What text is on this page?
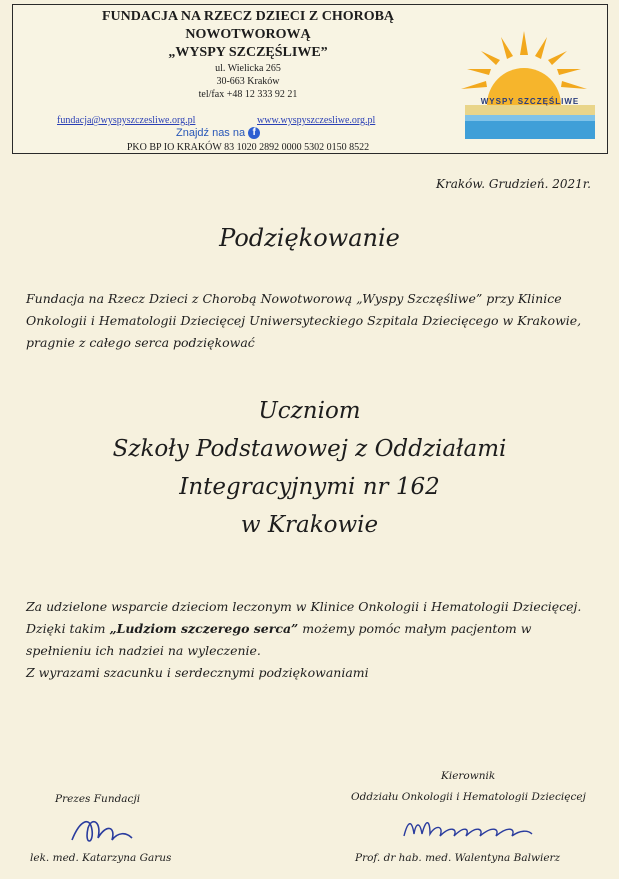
FUNDACJA NA RZECZ DZIECI Z CHOROBĄ
NOWOTWOROWĄ
„WYSPY SZCZĘŚLIWE”
ul. Wielicka 265
30-663 Kraków
tel/fax +48 12 333 92 21
fundacja@wyspyszczesliwe.org.pl	www.wyspyszczesliwe.org.pl
Znajdź nas na f
PKO BP IO KRAKÓW 83 1020 2892 0000 5302 0150 8522
WYSPY SZCZĘŚLIWE
Kraków. Grudzień. 2021r.
Podziękowanie
Fundacja na Rzecz Dzieci z Chorobą Nowotworową „Wyspy Szczęśliwe” przy Klinice Onkologii i Hematologii Dziecięcej Uniwersyteckiego Szpitala Dziecięcego w Krakowie, pragnie z całego serca podziękować
Uczniom
Szkoły Podstawowej z Oddziałami
Integracyjnymi nr 162
w Krakowie

Za udzielone wsparcie dzieciom leczonym w Klinice Onkologii i Hematologii Dziecięcej.

Dzięki takim „Ludziom szczerego serca” możemy pomóc małym pacjentom w spełnieniu ich nadziei na wyleczenie.

Z wyrazami szacunku i serdecznymi podziękowaniami

Prezes Fundacji
lek. med. Katarzyna Garus
Kierownik
Oddziału Onkologii i Hematologii Dziecięcej
Prof. dr hab. med. Walentyna Balwierz
